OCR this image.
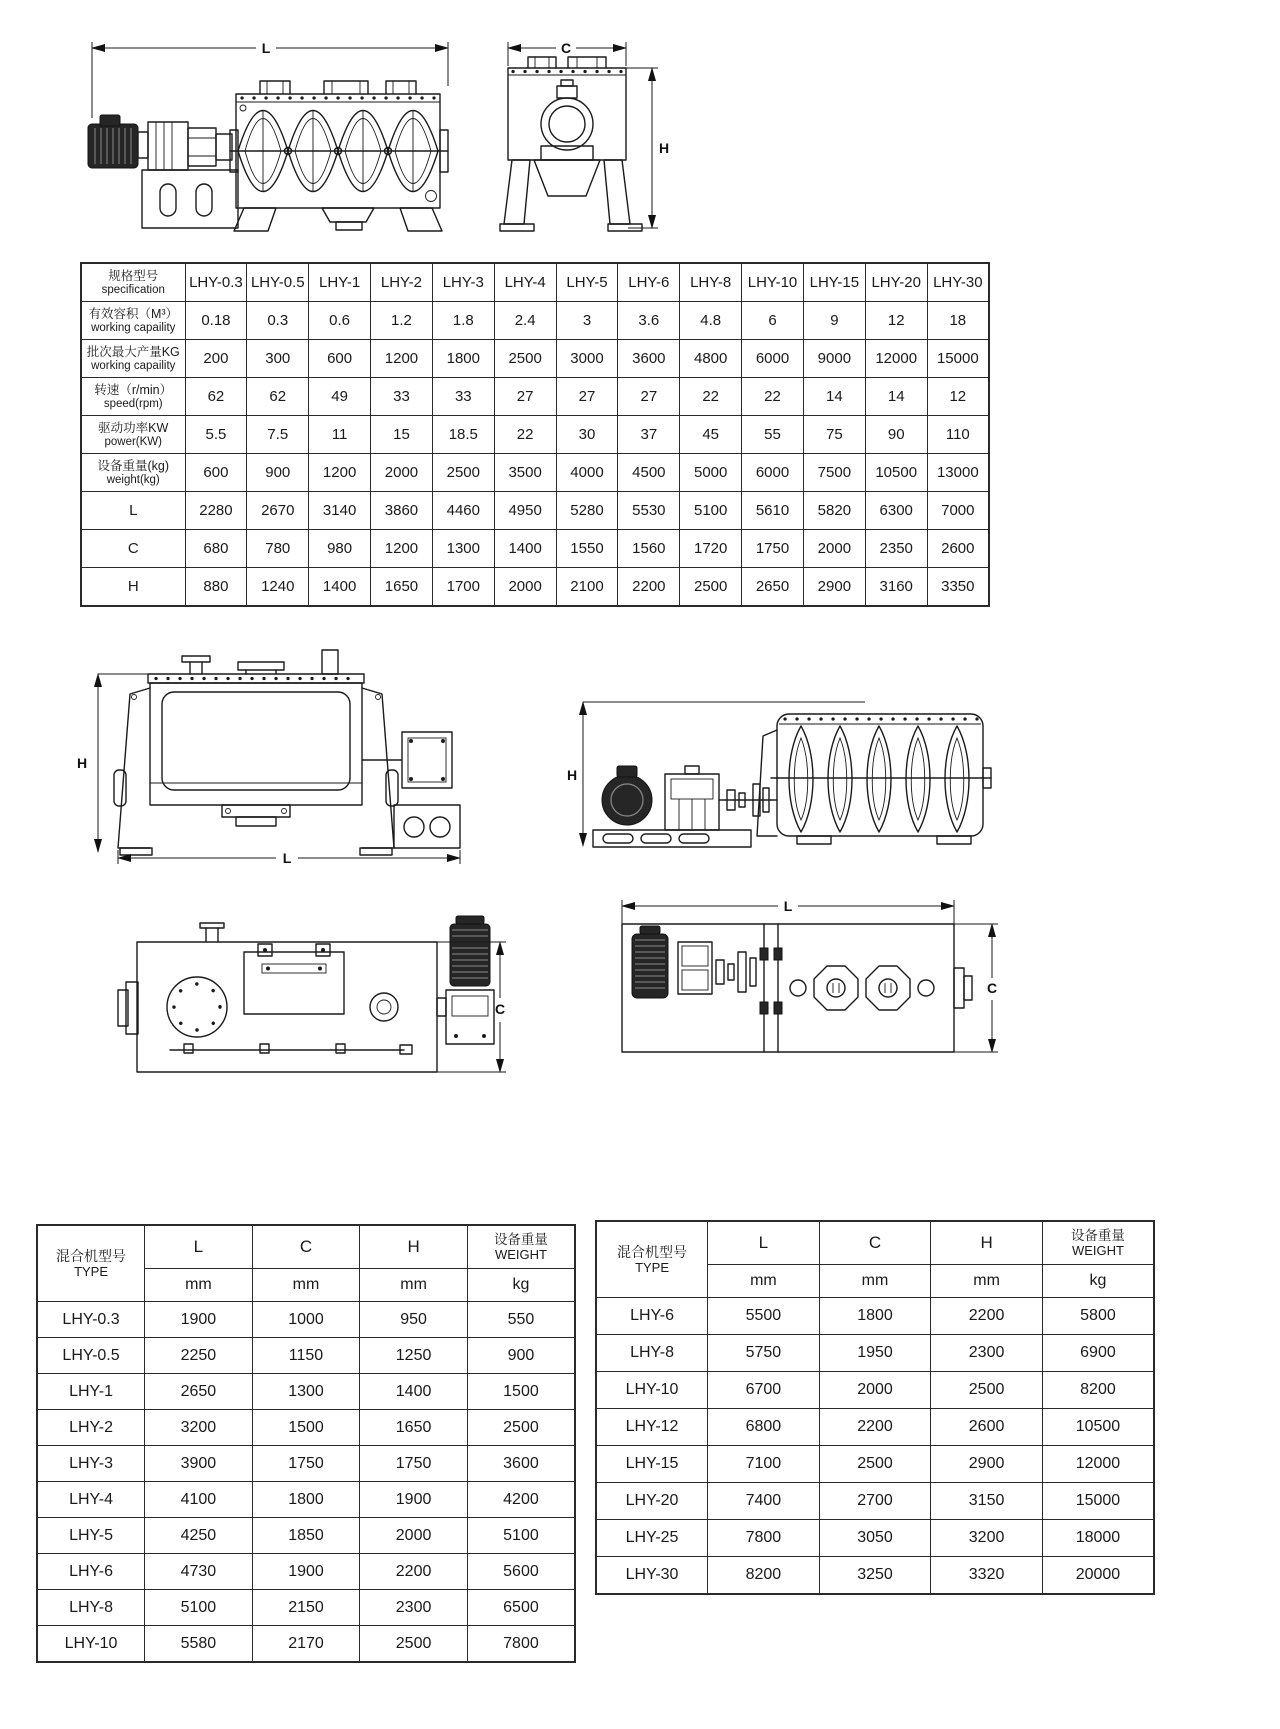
L	C
H
规格型号
specification	LHY-0.3	LHY-0.5	LHY-1	LHY-2	LHY-3	LHY-4	LHY-5	LHY-6	LHY-8	LHY-10	LHY-15	LHY-20	LHY-30

有效容积（M³）
working capaility	0.18	0.3	0.6	1.2	1.8	2.4	3	3.6	4.8	6	9	12	18

批次最大产量KG
working capaility	200	300	600	1200	1800	2500	3000	3600	4800	6000	9000	12000	15000

转速（r/min）
speed(rpm)	62	62	49	33	33	27	27	27	22	22	14	14	12

驱动功率KW
power(KW)	5.5	7.5	11	15	18.5	22	30	37	45	55	75	90	110

设备重量(kg)
weight(kg)	600	900	1200	2000	2500	3500	4000	4500	5000	6000	7500	10500	13000
L	2280	2670	3140	3860	4460	4950	5280	5530	5100	5610	5820	6300	7000
C	680	780	980	1200	1300	1400	1550	1560	1720	1750	2000	2350	2600
H	880	1240	1400	1650	1700	2000	2100	2200	2500	2650	2900	3160	3350
H
L
H
C
L
C
混合机型号
TYPE
	L	C	H	设备重量
WEIGHT

	mm	mm	mm	kg
LHY-0.3	1900	1000	950	550
LHY-0.5	2250	1150	1250	900
LHY-1	2650	1300	1400	1500
LHY-2	3200	1500	1650	2500
LHY-3	3900	1750	1750	3600
LHY-4	4100	1800	1900	4200
LHY-5	4250	1850	2000	5100
LHY-6	4730	1900	2200	5600
LHY-8	5100	2150	2300	6500
LHY-10	5580	2170	2500	7800
混合机型号
TYPE
	L	C	H	设备重量
WEIGHT

	mm	mm	mm	kg
LHY-6	5500	1800	2200	5800
LHY-8	5750	1950	2300	6900
LHY-10	6700	2000	2500	8200
LHY-12	6800	2200	2600	10500
LHY-15	7100	2500	2900	12000
LHY-20	7400	2700	3150	15000
LHY-25	7800	3050	3200	18000
LHY-30	8200	3250	3320	20000
